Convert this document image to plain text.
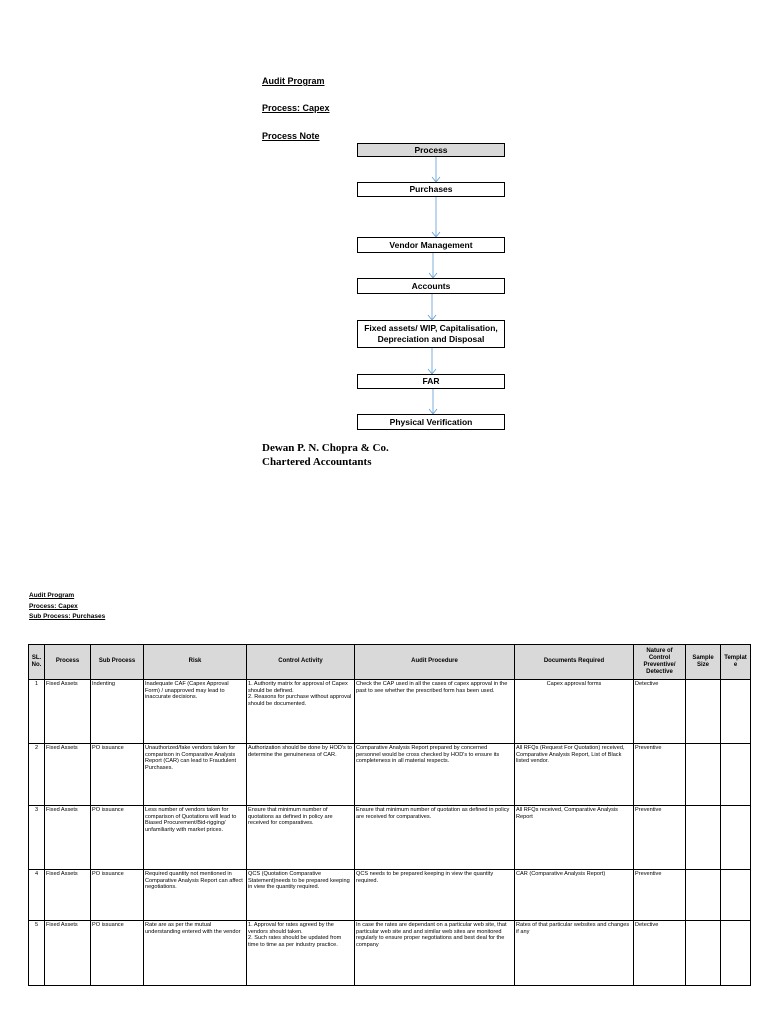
Audit Program
Process: Capex
Process Note
Process
Purchases
Vendor Management
Accounts
Fixed assets/ WIP, Capitalisation, Depreciation and Disposal
FAR
Physical Verification
Dewan P. N. Chopra & Co.
Chartered Accountants
Audit Program
Process: Capex
Sub Process: Purchases
SL. No.	Process	Sub Process	Risk	Control Activity	Audit Procedure	Documents Required	Nature of Control Preventive/ Detective	Sample Size	Templat e
1	Fixed Assets	Indenting	Inadequate CAF (Capex Approval Form) / unapproved may lead to inaccurate decisions.	1. Authority matrix for approval of Capex should be defined.
2. Reasons for purchase without approval should be documented.	Check the CAP used in all the cases of capex approval in the past to see whether the prescribed form has been used.	Capex approval forms	Detective		
2	Fixed Assets	PO issuance	Unauthorized/fake vendors taken for comparison in Comparative Analysis Report (CAR) can lead to Fraudulent Purchases.	Authorization should be done by HOD's to determine the genuineness of CAR.	Comparative Analysis Report prepared by concerned personnel would be cross checked by HOD's to ensure its completeness in all material respects.	All RFQs (Request For Quotation) received, Comparative Analysis Report, List of Black listed vendor.	Preventive		
3	Fixed Assets	PO issuance	Less number of vendors taken for comparison of Quotations will lead to Biased Procurement/Bid-rigging/ unfamiliarity with market prices.	Ensure that minimum number of quotations as defined in policy are received for comparatives.	Ensure that minimum number of quotation as defined in policy are received for comparatives.	All RFQs received, Comparative Analysis Report	Preventive		
4	Fixed Assets	PO issuance	Required quantity not mentioned in Comparative Analysis Report can affect negotiations.	QCS (Quotation Comparative Statement)needs to be prepared keeping in view the quantity required.	QCS needs to be prepared keeping in view the quantity required.	CAR (Comparative Analysis Report)	Preventive		
5	Fixed Assets	PO issuance	Rate are as per the mutual understanding entered with the vendor	1. Approval for rates agreed by the vendors should taken.
2. Such rates should be updated from time to time as per industry practice.	In case the rates are dependant on a particular web site, that particular web site and and similar web sites are monitored regularly to ensure proper negotiations and best deal for the company	Rates of that particular websites and changes if any	Detective		
